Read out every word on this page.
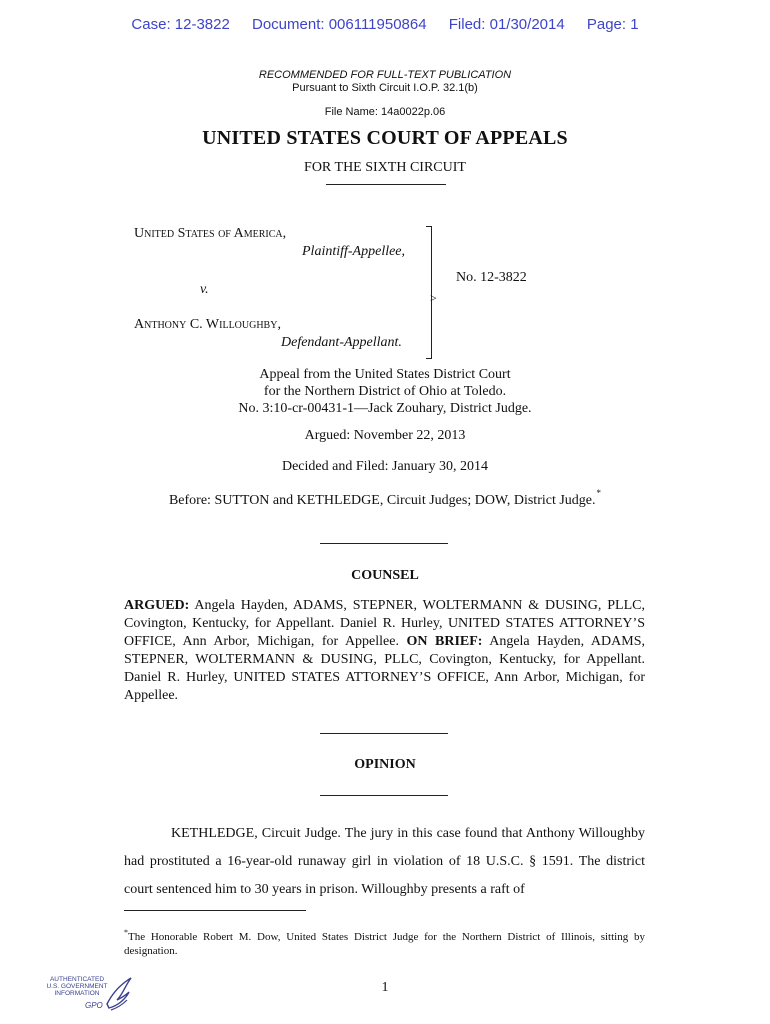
Case: 12-3822 Document: 006111950864 Filed: 01/30/2014 Page: 1
RECOMMENDED FOR FULL-TEXT PUBLICATION
Pursuant to Sixth Circuit I.O.P. 32.1(b)
File Name: 14a0022p.06
UNITED STATES COURT OF APPEALS
FOR THE SIXTH CIRCUIT
United States of America,
Plaintiff-Appellee,
v.
Anthony C. Willoughby,
Defendant-Appellant.
>
No. 12-3822
Appeal from the United States District Court
for the Northern District of Ohio at Toledo.
No. 3:10-cr-00431-1—Jack Zouhary, District Judge.
Argued: November 22, 2013
Decided and Filed: January 30, 2014
Before: SUTTON and KETHLEDGE, Circuit Judges; DOW, District Judge.*
COUNSEL
ARGUED: Angela Hayden, ADAMS, STEPNER, WOLTERMANN & DUSING, PLLC, Covington, Kentucky, for Appellant. Daniel R. Hurley, UNITED STATES ATTORNEY’S OFFICE, Ann Arbor, Michigan, for Appellee. ON BRIEF: Angela Hayden, ADAMS, STEPNER, WOLTERMANN & DUSING, PLLC, Covington, Kentucky, for Appellant. Daniel R. Hurley, UNITED STATES ATTORNEY’S OFFICE, Ann Arbor, Michigan, for Appellee.
OPINION
KETHLEDGE, Circuit Judge. The jury in this case found that Anthony Willoughby had prostituted a 16-year-old runaway girl in violation of 18 U.S.C. § 1591. The district court sentenced him to 30 years in prison. Willoughby presents a raft of
*The Honorable Robert M. Dow, United States District Judge for the Northern District of Illinois, sitting by designation.
1
AUTHENTICATED
U.S. GOVERNMENT
INFORMATION
GPO
